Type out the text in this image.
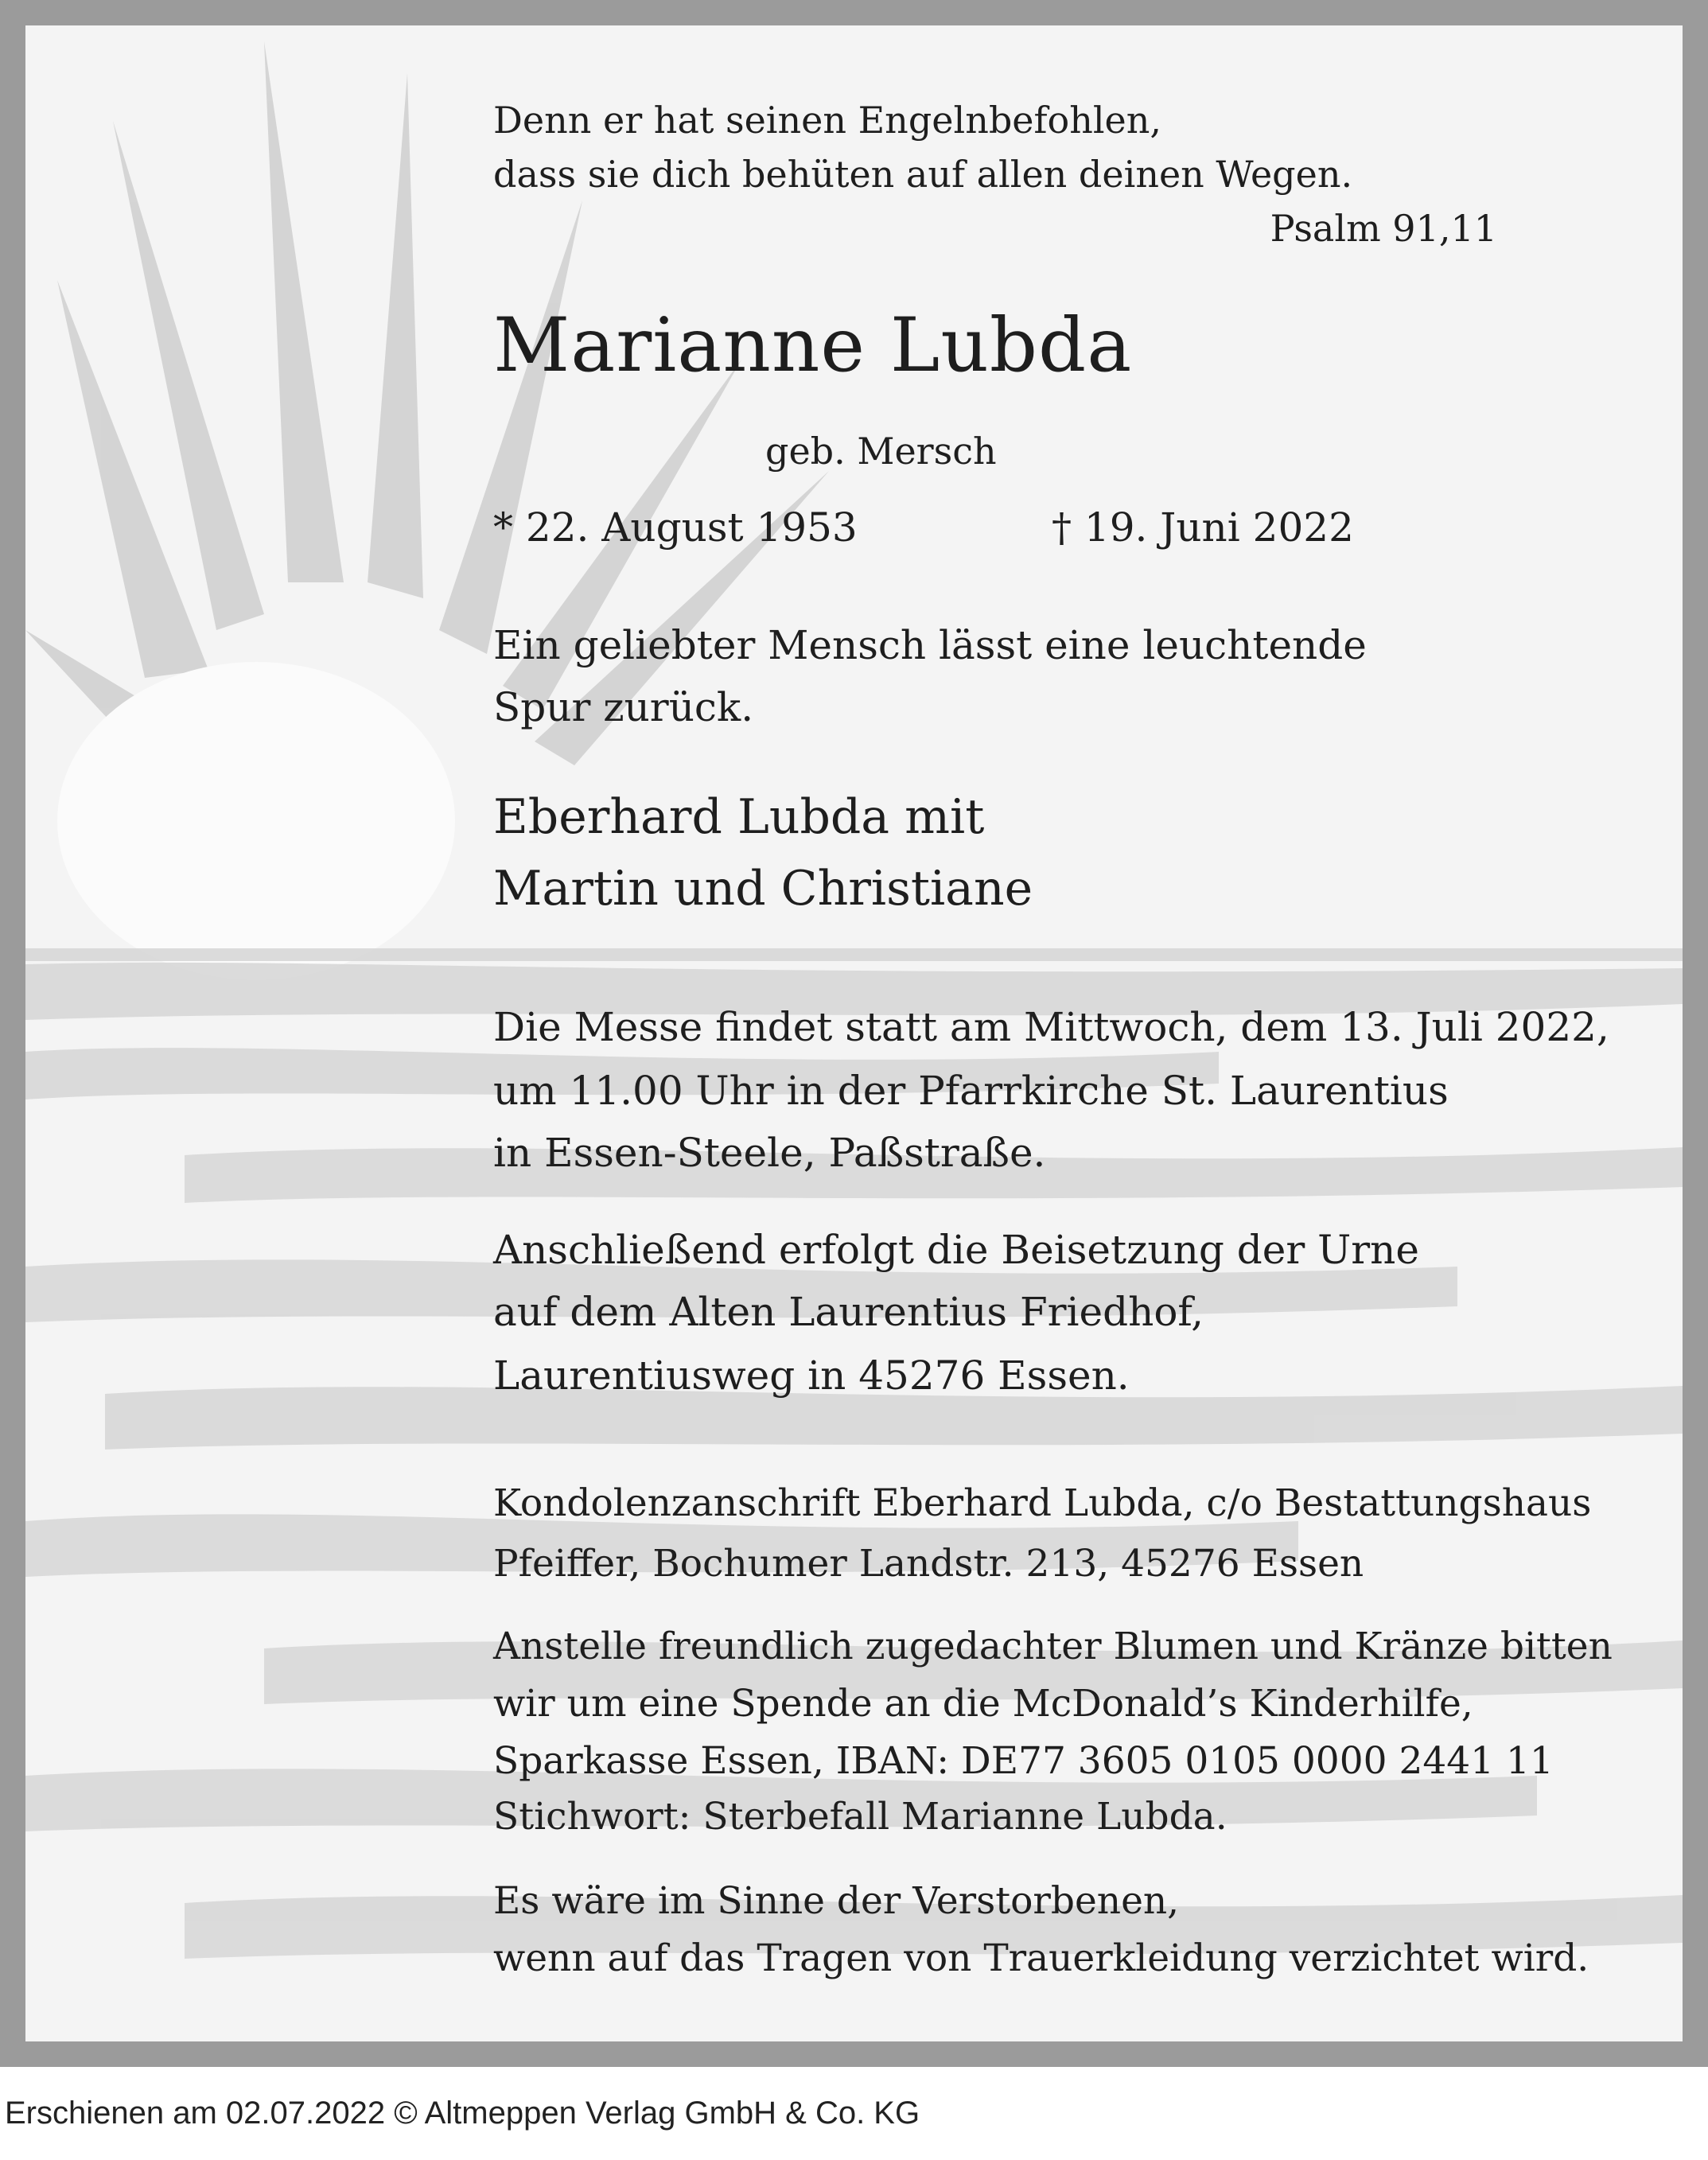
Denn er hat seinen Engelnbefohlen,
dass sie dich behüten auf allen deinen Wegen.
Psalm 91,11
Marianne Lubda
geb. Mersch
* 22. August 1953	† 19. Juni 2022
Ein geliebter Mensch lässt eine leuchtende
Spur zurück.
Eberhard Lubda mit
Martin und Christiane
Die Messe findet statt am Mittwoch, dem 13. Juli 2022,
um 11.00 Uhr in der Pfarrkirche St. Laurentius
in Essen-Steele, Paßstraße.
Anschließend erfolgt die Beisetzung der Urne
auf dem Alten Laurentius Friedhof,
Laurentiusweg in 45276 Essen.
Kondolenzanschrift Eberhard Lubda, c/o Bestattungshaus
Pfeiffer, Bochumer Landstr. 213, 45276 Essen
Anstelle freundlich zugedachter Blumen und Kränze bitten
wir um eine Spende an die McDonald’s Kinderhilfe,
Sparkasse Essen, IBAN: DE77 3605 0105 0000 2441 11
Stichwort: Sterbefall Marianne Lubda.
Es wäre im Sinne der Verstorbenen,
wenn auf das Tragen von Trauerkleidung verzichtet wird.
Erschienen am 02.07.2022 © Altmeppen Verlag GmbH & Co. KG
